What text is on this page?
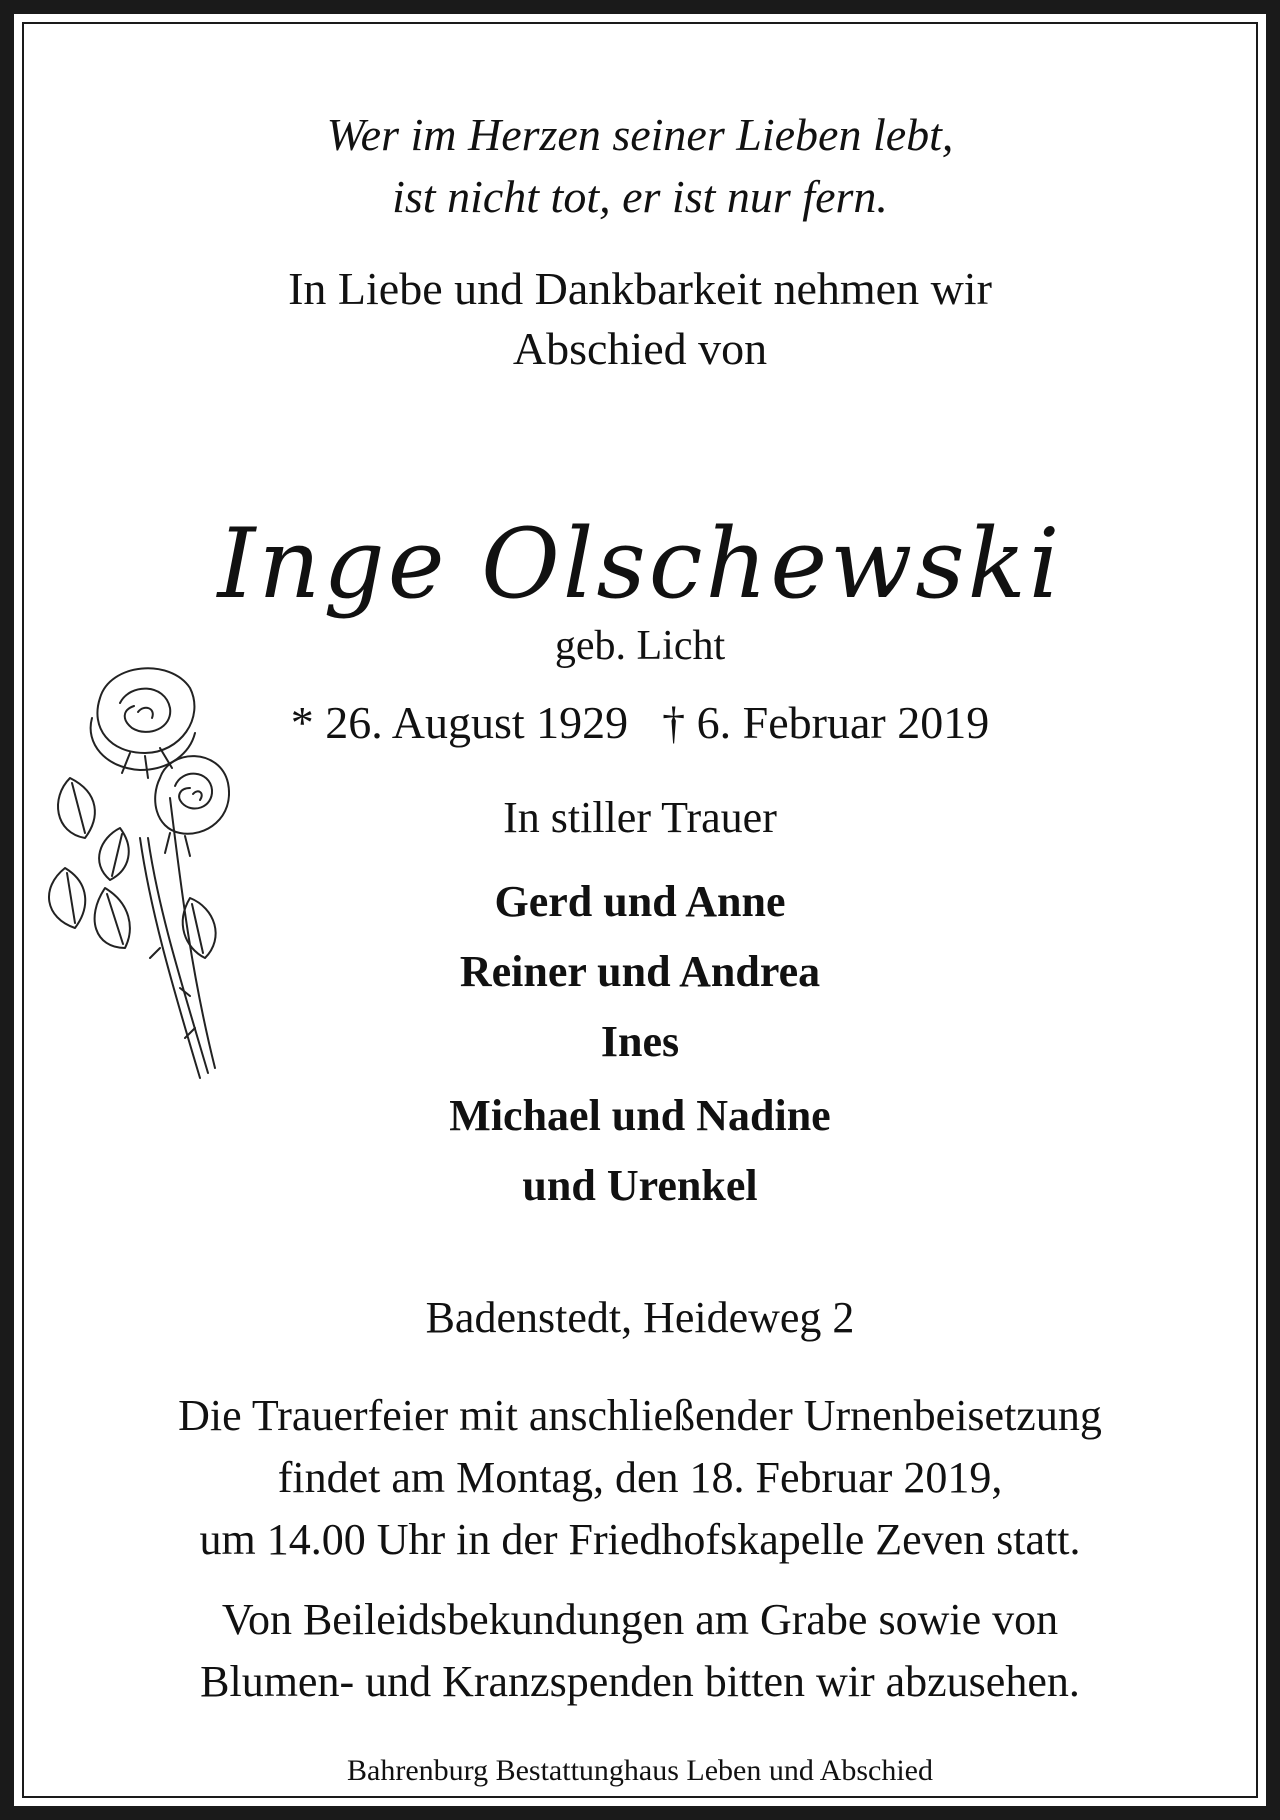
Wer im Herzen seiner Lieben lebt,

ist nicht tot, er ist nur fern.

In Liebe und Dankbarkeit nehmen wir

Abschied von

Inge Olschewski

geb. Licht

* 26. August 1929 † 6. Februar 2019

In stiller Trauer

Gerd und Anne

Reiner und Andrea

Ines

Michael und Nadine

und Urenkel

Badenstedt, Heideweg 2

Die Trauerfeier mit anschließender Urnenbeisetzung

findet am Montag, den 18. Februar 2019,

um 14.00 Uhr in der Friedhofskapelle Zeven statt.

Von Beileidsbekundungen am Grabe sowie von

Blumen- und Kranzspenden bitten wir abzusehen.

Bahrenburg Bestattunghaus Leben und Abschied
